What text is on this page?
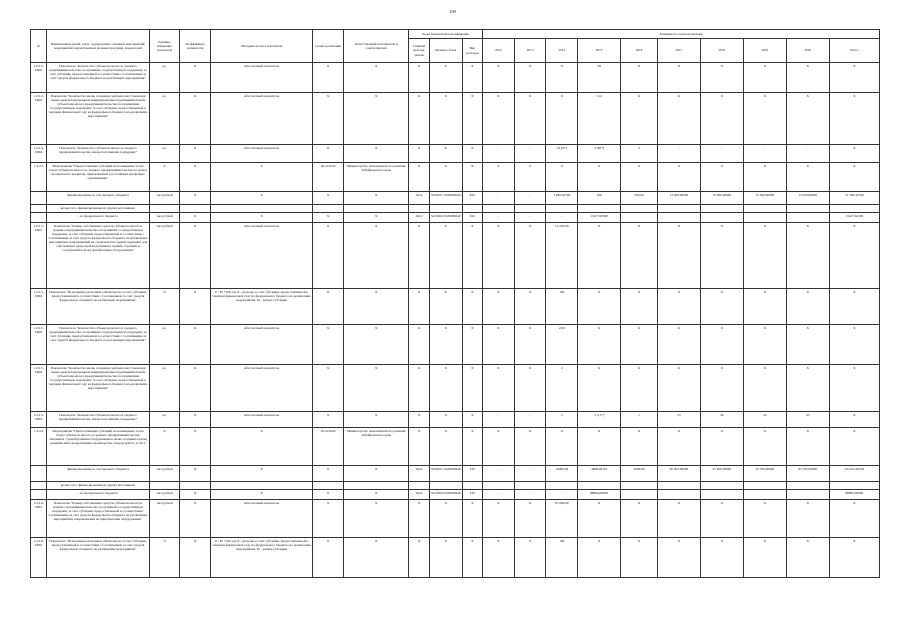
109
№	Наименование целей, задач, подпрограмм, основных мероприятий, мероприятий, ведомственных целевых программ, показателей	Единица измерения показателя	Коэффициент значимости	Методика расчета показателя	Сроки реализации	Ответственный исполнитель и соисполнители	Коды бюджетной классификации			Значения по годам реализации									
							Главный распоря-дитель	Целевая статья	Вид расходов	2012	2013	2014	2015	2016	2017	2018	2019	2020	Итого
1.2.2.4-ПМ2	Показатель "Количество субъектов малого и среднего предпринимательства, получивших государственную поддержку за счет субсидии, предоставленной в соответствии с Соглашением за счет средств федерального бюджета на реализацию мероприятия"	ед.	X	Абсолютный показатель	X	X	X	X	X	X	X	X	48	X	X	X	X	X	X
1.2.2.4-ПМ3	Показатель "Количество вновь созданных рабочих мест (включая вновь зарегистрированных индивидуальных предпринимателей) субъектами малого предпринимательства, получившими государственную поддержку за счет субсидии, предоставленной в текущем финансовом году из федерального бюджета на реализацию мероприятия"	ед.	X	Абсолютный показатель	X	X	X	X	X	X	X	X	114	X	X	X	X	X	X
1.2.2.4-ПМ4	Показатель "Количество субъектов малого и среднего предпринимательства, вновь получивших поддержку"	ед.	X	Абсолютный показатель	X	X	X	X	X	-	-	19 (6*)	3 (85*)	2	-	-	-	-	X
1.2.2.5	Мероприятие "Предоставление субсидий на возмещение части затрат субъектов малого и среднего предпринимательства на уплату процентов по кредитам, привлеченным в российских кредитных организациях"	X	X	X	2014-2020	Министерство экономического развития Забайкальского края	X	X	X	X	X	X	X	X	X	X	X	X	X
	финансирование за счет краевого бюджета	тыс.рублей	X	X	X	X	0412	5228101 0320280640	810	-	-	1 082,42700	500	500,00	13 500,00000	12 000,00000	13 500,00000	13 500,00000	51 582,42700
	кроме того, финансирование из других источников:																		
	- из федерального бюджета	тыс.рублей	X	X	X	X	0412	5415064 0320280640	810	-	-	-	13417,62300						13417,62300
1.2.2.5-ПМ1	Показатель "Размер собственных средств субъектов малого и среднего предпринимательства, получивших государственную поддержку за счет субсидии, предоставленной в соответствии с Соглашением за счет средств федерального бюджета на реализацию мероприятия, направленный на строительство (реконструкцию) для собственных нужд производственных зданий, строений и сооружений и (или) приобретение оборудования"	тыс.рублей	X	Абсолютный показатель	X	X	X	X	X	X	X	14 250,00	X	X	X	X	X	X	X
1.2.2.5-ПМ2	Показатель "Исполнение расходных обязательств за счет субсидии, предоставленной в соответствии с Соглашением за счет средств федерального бюджета на реализацию мероприятия"	%	X	P / Ps *100, где P - расходы за счет субсидии, предоставленной в текущем финансовом году из федерального бюджета на реализацию мероприятия, Ps - размер субсидии	X	X	X	X	X	X	X	100	X	X	X	X	X	X	X
1.2.2.5-ПМ3	Показатель "Количество субъектов малого и среднего предпринимательства, получивших государственную поддержку за счет субсидии, предоставленной в соответствии с Соглашением за счет средств федерального бюджета на реализацию мероприятия"	ед.	X	Абсолютный показатель	X	X	X	X	X	X	X	2,00	X	X	X	X	X	X	X
1.2.2.5-ПМ4	Показатель "Количество вновь созданных рабочих мест (включая вновь зарегистрированных индивидуальных предпринимателей) субъектами малого предпринимательства, получившими государственную поддержку за счет субсидии, предоставленной в текущем финансовом году из федерального бюджета на реализацию мероприятия"	ед.	X	Абсолютный показатель	X	X	X	X	X	X	X	2	X	X	X	X	X	X	X
1.2.2.5-ПМ5	Показатель "Количество субъектов малого и среднего предпринимательства, вновь получивших поддержку"	ед.	X	Абсолютный показатель	X	X	X	X	X	-	-	3	1 (11*)	1	33	40	45	45	X
1.2.2.6	Мероприятие "Предоставление субсидий на возмещение части затрат субъектов малого и среднего предпринимательства, связанных с приобретением оборудования в целях создания и (или) развития либо модернизации производства товаров (работ, услуг)"	X	X	X	2014-2020	Министерство экономического развития Забайкальского края	X	X	X	X	X	X	X	X	X	X	X	X	X
	финансирование за счет краевого бюджета	тыс.рублей	X	X	X	X	0412	5228101 0320280640	810	-	-	10000,00	4668,26316	2000,00	40 303,00000	47 050,00000	53 795,00000	63 795,00000	221615,26316
	кроме того, финансирование из других источников:																		
	- из федерального бюджета	тыс.рублей	X	X	X	X	0412	5415064 0320280640	810	-	-	-	88900,00000						88900,00000
1.2.2.6-ПМ1	Показатель "Размер собственных средств субъектов малого и среднего предпринимательства, получивших государственную поддержку за счет субсидии, предоставленной в соответствии с Соглашением за счет средств федерального бюджета на реализацию мероприятия, направленный на приобретение оборудования"	тыс.рублей	X	Абсолютный показатель	X	X	X	X	X	X	X	87 600,00	X	X	X	X	X	X	X
1.2.2.6-ПМ2	Показатель "Исполнение расходных обязательств за счет субсидии, предоставленной в соответствии с Соглашением за счет средств федерального бюджета на реализацию мероприятия"	%	X	P / Ps *100, где P - расходы за счет субсидии, предоставленной в текущем финансовом году из федерального бюджета на реализацию мероприятия, Ps - размер субсидии	X	X	X	X	X	X	X	100	X	X	X	X	X	X	X
